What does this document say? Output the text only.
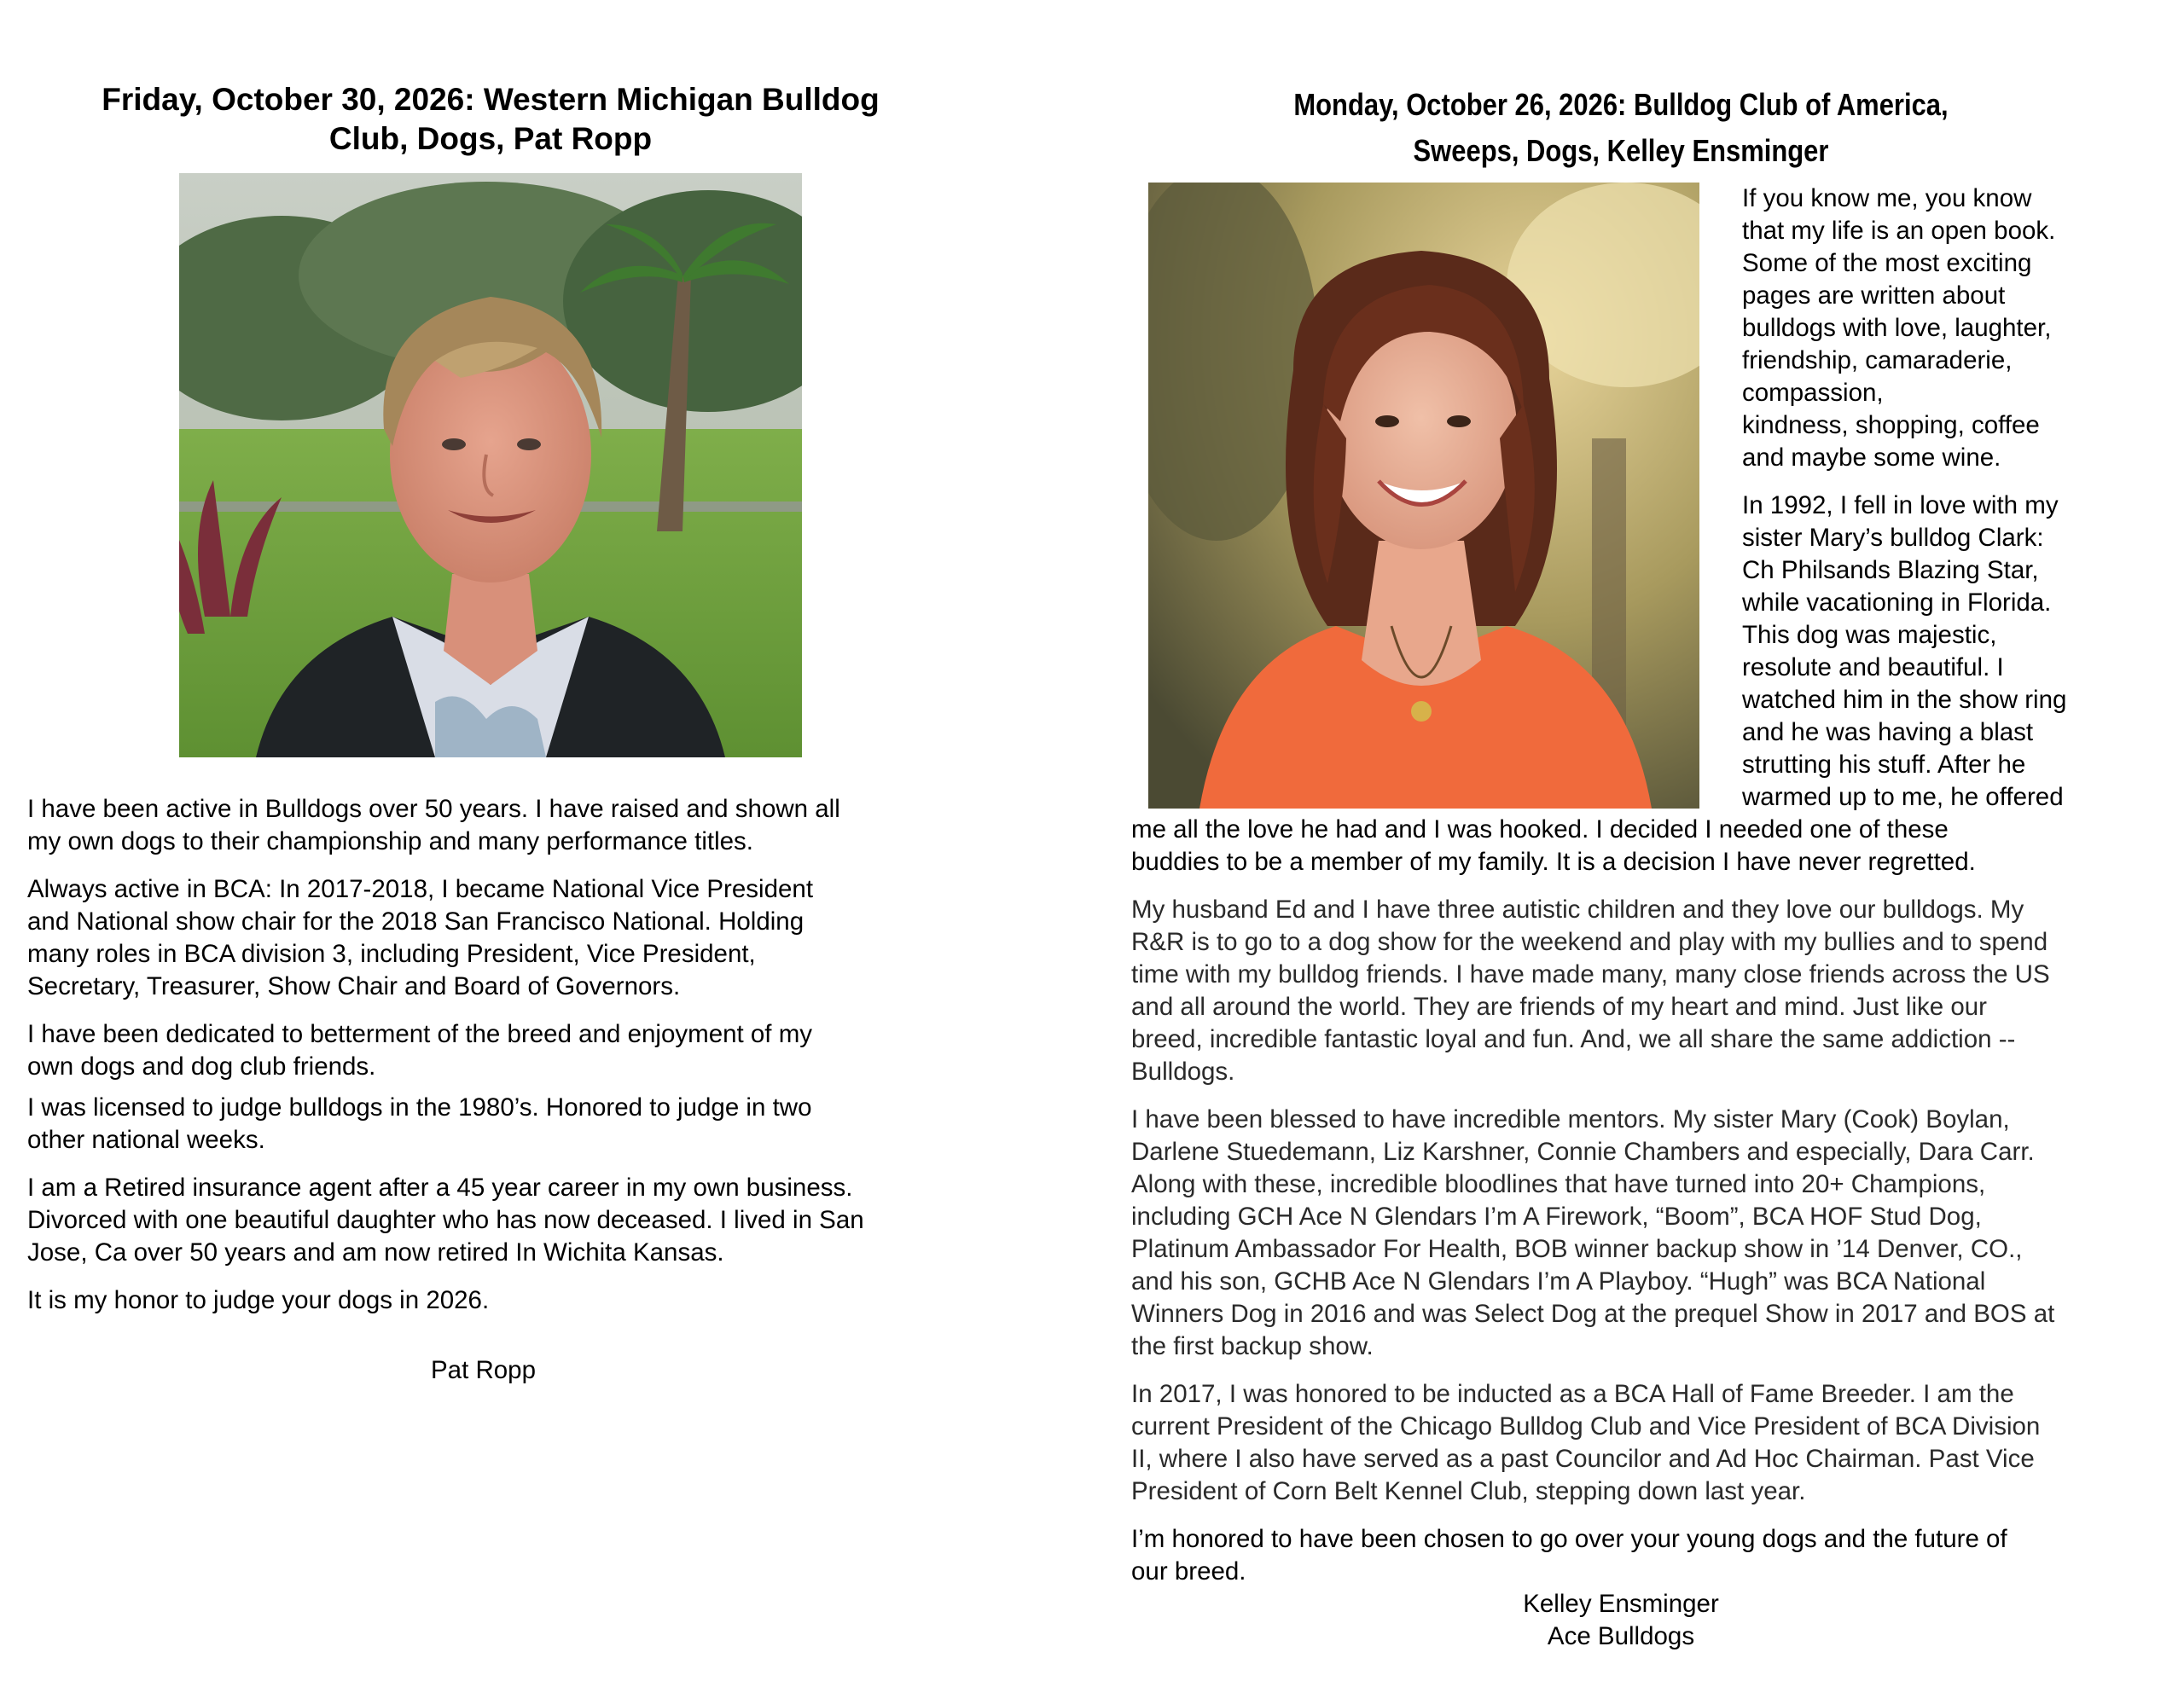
Friday, October 30, 2026: Western Michigan Bulldog
Club, Dogs, Pat Ropp

I have been active in Bulldogs over 50 years. I have raised and shown all
my own dogs to their championship and many performance titles.

Always active in BCA: In 2017-2018, I became National Vice President
and National show chair for the 2018 San Francisco National. Holding
many roles in BCA division 3, including President, Vice President,
Secretary, Treasurer, Show Chair and Board of Governors.

I have been dedicated to betterment of the breed and enjoyment of my
own dogs and dog club friends.

I was licensed to judge bulldogs in the 1980’s. Honored to judge in two
other national weeks.

I am a Retired insurance agent after a 45 year career in my own business.
Divorced with one beautiful daughter who has now deceased. I lived in San
Jose, Ca over 50 years and am now retired In Wichita Kansas.

It is my honor to judge your dogs in 2026.

Pat Ropp
Monday, October 26, 2026: Bulldog Club of America,
Sweeps, Dogs, Kelley Ensminger

If you know me, you know
that my life is an open book.
Some of the most exciting
pages are written about
bulldogs with love, laughter,
friendship, camaraderie,
compassion,
kindness, shopping, coffee
and maybe some wine.

In 1992, I fell in love with my
sister Mary’s bulldog Clark:
Ch Philsands Blazing Star,
while vacationing in Florida.
This dog was majestic,
resolute and beautiful. I
watched him in the show ring
and he was having a blast
strutting his stuff. After he
warmed up to me, he offered

me all the love he had and I was hooked. I decided I needed one of these
buddies to be a member of my family. It is a decision I have never regretted.

My husband Ed and I have three autistic children and they love our bulldogs. My
R&R is to go to a dog show for the weekend and play with my bullies and to spend
time with my bulldog friends. I have made many, many close friends across the US
and all around the world. They are friends of my heart and mind. Just like our
breed, incredible fantastic loyal and fun. And, we all share the same addiction --
Bulldogs.

I have been blessed to have incredible mentors. My sister Mary (Cook) Boylan,
Darlene Stuedemann, Liz Karshner, Connie Chambers and especially, Dara Carr.
Along with these, incredible bloodlines that have turned into 20+ Champions,
including GCH Ace N Glendars I’m A Firework, “Boom”, BCA HOF Stud Dog,
Platinum Ambassador For Health, BOB winner backup show in ’14 Denver, CO.,
and his son, GCHB Ace N Glendars I’m A Playboy. “Hugh” was BCA National
Winners Dog in 2016 and was Select Dog at the prequel Show in 2017 and BOS at
the first backup show.

In 2017, I was honored to be inducted as a BCA Hall of Fame Breeder. I am the
current President of the Chicago Bulldog Club and Vice President of BCA Division
II, where I also have served as a past Councilor and Ad Hoc Chairman. Past Vice
President of Corn Belt Kennel Club, stepping down last year.

I’m honored to have been chosen to go over your young dogs and the future of
our breed.

Kelley Ensminger
Ace Bulldogs
